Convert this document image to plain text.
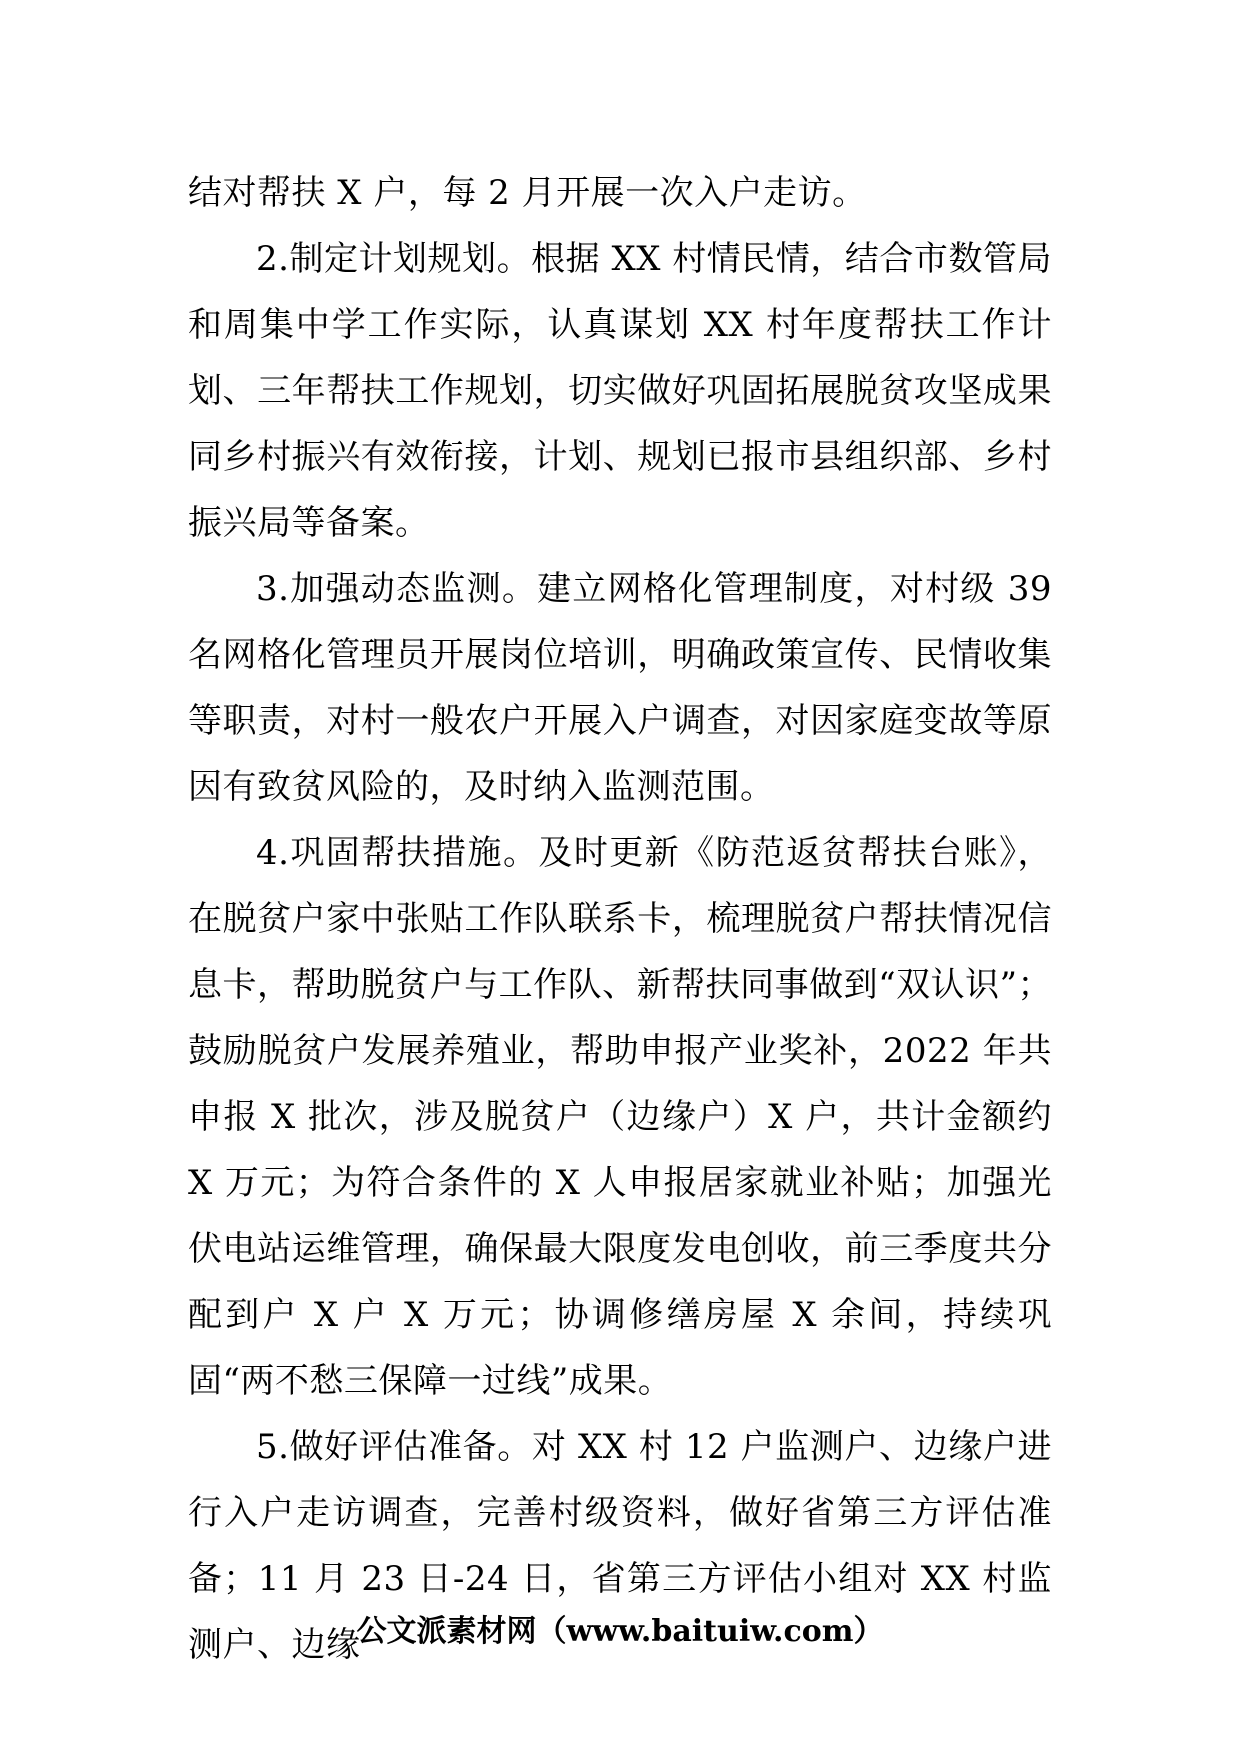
结对帮扶 X 户，每 2 月开展一次入户走访。

2.制定计划规划。根据 XX 村情民情，结合市数管局和周集中学工作实际，认真谋划 XX 村年度帮扶工作计划、三年帮扶工作规划，切实做好巩固拓展脱贫攻坚成果同乡村振兴有效衔接，计划、规划已报市县组织部、乡村振兴局等备案。

3.加强动态监测。建立网格化管理制度，对村级 39 名网格化管理员开展岗位培训，明确政策宣传、民情收集等职责，对村一般农户开展入户调查，对因家庭变故等原因有致贫风险的，及时纳入监测范围。

4.巩固帮扶措施。及时更新《防范返贫帮扶台账》，在脱贫户家中张贴工作队联系卡，梳理脱贫户帮扶情况信息卡，帮助脱贫户与工作队、新帮扶同事做到“双认识”；鼓励脱贫户发展养殖业，帮助申报产业奖补，2022 年共申报 X 批次，涉及脱贫户（边缘户）X 户，共计金额约 X 万元；为符合条件的 X 人申报居家就业补贴；加强光伏电站运维管理，确保最大限度发电创收，前三季度共分配到户 X 户 X 万元；协调修缮房屋 X 余间，持续巩固“两不愁三保障一过线”成果。

5.做好评估准备。对 XX 村 12 户监测户、边缘户进行入户走访调查，完善村级资料，做好省第三方评估准备；11 月 23 日-24 日，省第三方评估小组对 XX 村监测户、边缘

公文派素材网（www.baituiw.com）
